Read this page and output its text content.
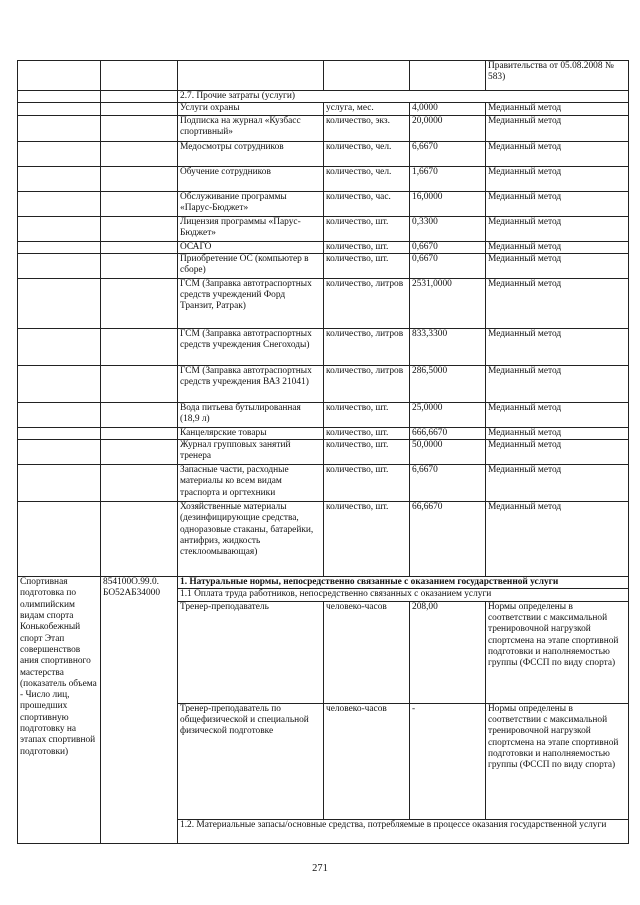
					Правительства от 05.08.2008 № 583)
		2.7. Прочие затраты (услуги)			
		Услуги охраны	услуга, мес.	4,0000	Медианный метод
		Подписка на журнал «Кузбасс спортивный»	количество, экз.	20,0000	Медианный метод
		Медосмотры сотрудников	количество, чел.	6,6670	Медианный метод
		Обучение сотрудников	количество, чел.	1,6670	Медианный метод
		Обслуживание программы «Парус-Бюджет»	количество, час.	16,0000	Медианный метод
		Лицензия программы «Парус-Бюджет»	количество, шт.	0,3300	Медианный метод
		ОСАГО	количество, шт.	0,6670	Медианный метод
		Приобретение ОС (компьютер в сборе)	количество, шт.	0,6670	Медианный метод
		ГСМ (Заправка автотраспортных средств учреждений Форд Транзит, Ратрак)	количество, литров	2531,0000	Медианный метод
		ГСМ (Заправка автотраспортных средств учреждения Снегоходы)	количество, литров	833,3300	Медианный метод
		ГСМ (Заправка автотраспортных средств учреждения ВАЗ 21041)	количество, литров	286,5000	Медианный метод
		Вода питьева бутылированная (18,9 л)	количество, шт.	25,0000	Медианный метод
		Канцелярские товары	количество, шт.	666,6670	Медианный метод
		Журнал групповых занятий тренера	количество, шт.	50,0000	Медианный метод
		Запасные части, расходные материалы ко всем видам траспорта и оргтехники	количество, шт.	6,6670	Медианный метод
		Хозяйственные материалы (дезинфицирующие средства, одноразовые стаканы, батарейки, антифриз, жидкость стеклоомывающая)	количество, шт.	66,6670	Медианный метод
Спортивная подготовка по олимпийским видам спорта Конькобежный спорт Этап совершенствов ания спортивного мастерства (показатель объема - Число лиц, прошедших спортивную подготовку на этапах спортивной подготовки)	854100О.99.0. БО52АБ34000	1. Натуральные нормы, непосредственно связанные с оказанием государственной услуги			
		1.1 Оплата труда работников, непосредственно связанных с оказанием услуги			
		Тренер-преподаватель	человеко-часов	208,00	Нормы определены в соответствии с максимальной тренировочной нагрузкой спортсмена на этапе спортивной подготовки и наполняемостью группы (ФССП по виду спорта)
		Тренер-преподаватель по общефизической и специальной физической подготовке	человеко-часов	-	Нормы определены в соответствии с максимальной тренировочной нагрузкой спортсмена на этапе спортивной подготовки и наполняемостью группы (ФССП по виду спорта)
		1.2. Материальные запасы/основные средства, потребляемые в процессе оказания государственной услуги			
271
